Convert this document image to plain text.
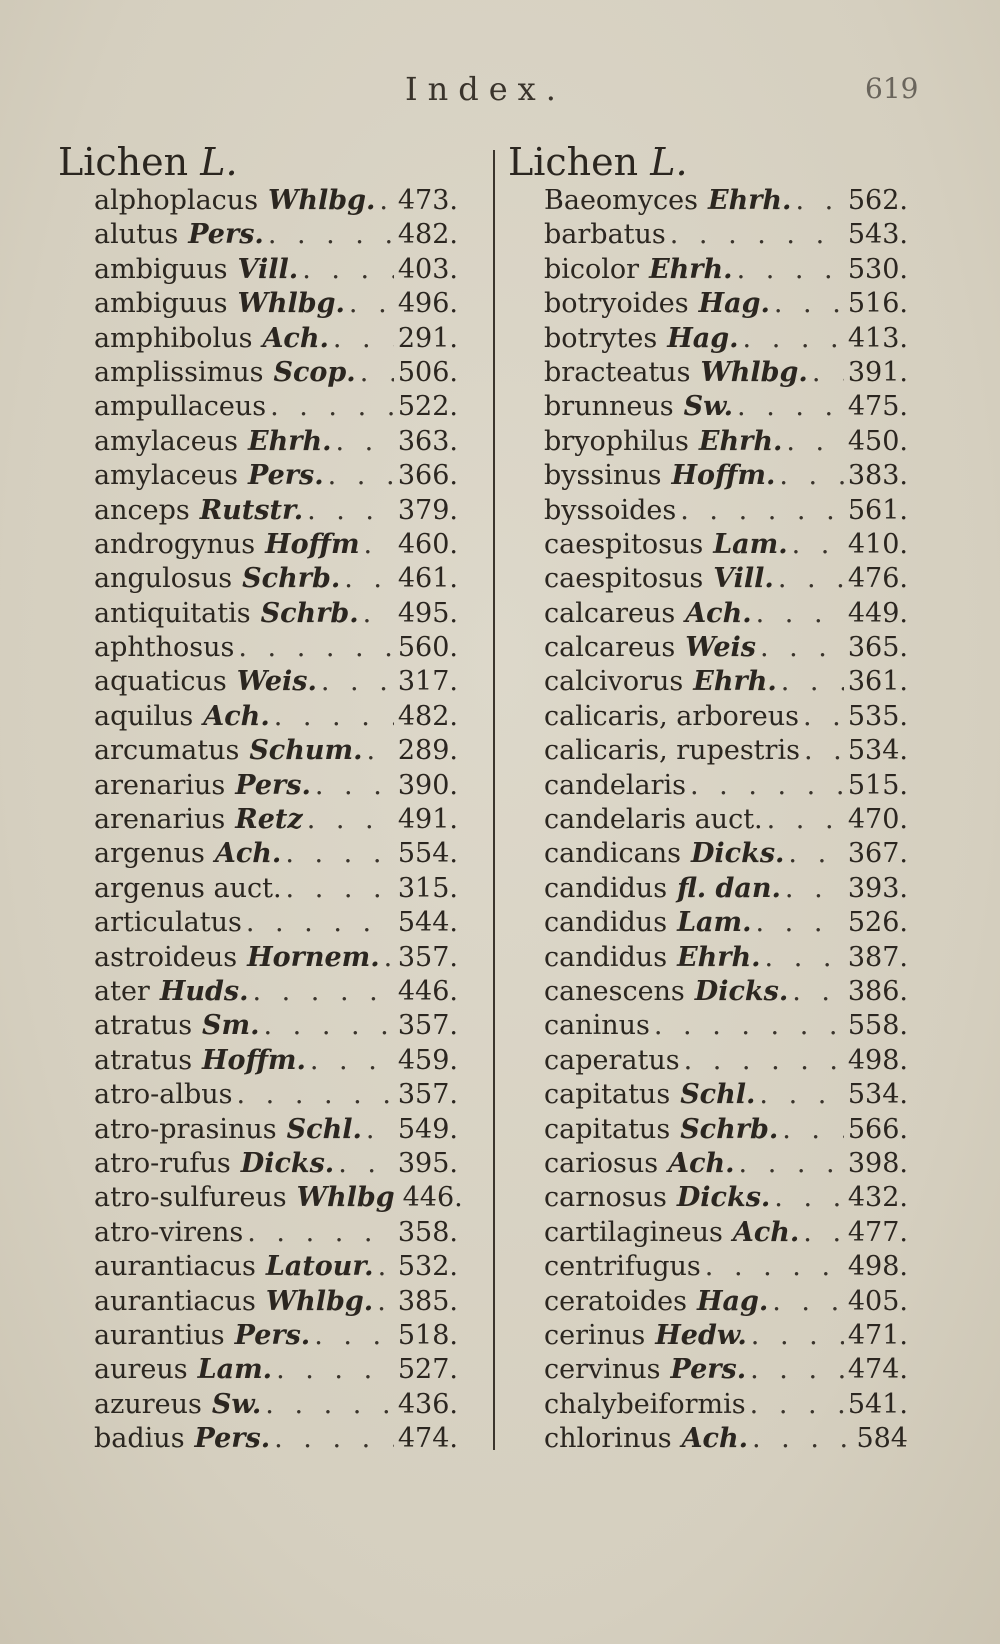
Index.	619
Lichen L.
alphoplacus Whlbg. . . . 473.
alutus Pers. . . .	482.
ambiguus Vill. . . .	403.
ambiguus Whlbg. . . . 496.
amphibolus Ach. . . .	291.
amplissimus Scop. . . . 506.
ampullaceus . . .	522.
amylaceus Ehrh. . . . 363.
amylaceus Pers. . . .	366.
anceps Rutstr. . . .	379.
androgynus Hoffm . . . 460.
angulosus Schrb. . . . 461.
antiquitatis Schrb. . . . 495.
aphthosus . . .	560.
aquaticus Weis. . . .	317.
aquilus Ach. . . .	482.
arcumatus Schum. . . . 289.
arenarius Pers. . . .	390.
arenarius Retz . . .	491.
argenus Ach. . . .	554.
argenus auct. . . .	315.
articulatus . . .	544.
astroideus Hornem. . . . 357.
ater Huds. . . .	446.
atratus Sm. . . .	357.
atratus Hoffm. . . .	459.
atro-albus . . .	357.
atro-prasinus Schl. . . . 549.
atro-rufus Dicks. . . . 395.
atro-sulfureus Whlbg 446.
atro-virens . . .	358.
aurantiacus Latour. . . . 532.
aurantiacus Whlbg. . . . 385.
aurantius Pers. . . .	518.
aureus Lam. . . .	527.
azureus Sw. . . .	436.
badius Pers. . . .	474.
Lichen L.
Baeomyces Ehrh. . . . 562.
barbatus . . .	543.
bicolor Ehrh. . . .	530.
botryoides Hag. . . .	516.
botrytes Hag. . . .	413.
bracteatus Whlbg. . . . 391.
brunneus Sw. . . .	475.
bryophilus Ehrh. . . . 450.
byssinus Hoffm. . . .	383.
byssoides . . .	561.
caespitosus Lam. . . . 410.
caespitosus Vill. . . .	476.
calcareus Ach. . . .	449.
calcareus Weis . . .	365.
calcivorus Ehrh. . . .	361.
calicaris, arboreus . . . 535.
calicaris, rupestris . . . 534.
candelaris . . .	515.
candelaris auct. . . .	470.
candicans Dicks. . . . 367.
candidus fl. dan. . . . 393.
candidus Lam. . . .	526.
candidus Ehrh. . . .	387.
canescens Dicks. . . . 386.
caninus . . .	558.
caperatus . . .	498.
capitatus Schl. . . .	534.
capitatus Schrb. . . .	566.
cariosus Ach. . . .	398.
carnosus Dicks. . . .	432.
cartilagineus Ach. . . . 477.
centrifugus . . .	498.
ceratoides Hag. . . .	405.
cerinus Hedw. . . .	471.
cervinus Pers. . . .	474.
chalybeiformis . . .	541.
chlorinus Ach. . . .	584
